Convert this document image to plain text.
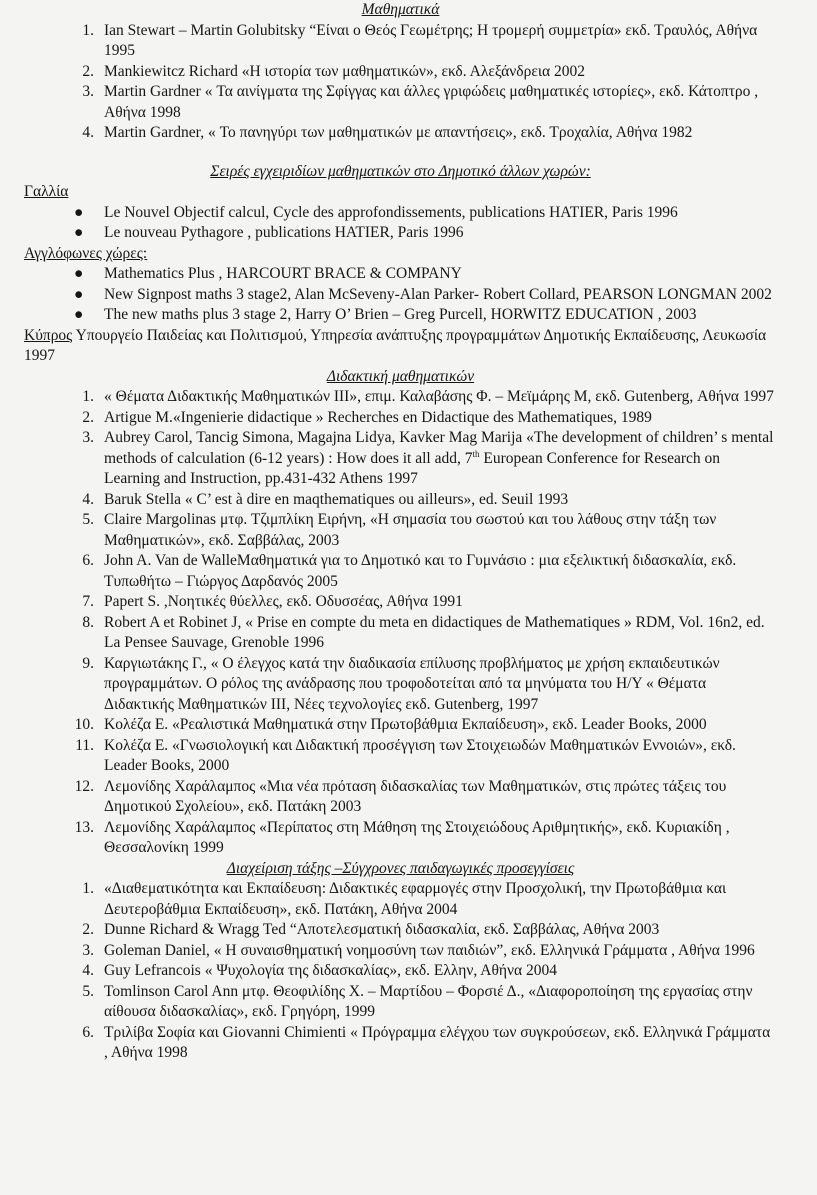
Μαθηματικά

1. Ian Stewart – Martin Golubitsky “Είναι ο Θεός Γεωμέτρης; Η τρομερή συμμετρία» εκδ. Τραυλός, Αθήνα 1995
2. Mankiewitcz Richard «Η ιστορία των μαθηματικών», εκδ. Αλεξάνδρεια 2002
3. Martin Gardner « Τα αινίγματα της Σφίγγας και άλλες γριφώδεις μαθηματικές ιστορίες», εκδ. Κάτοπτρο , Αθήνα 1998
4. Martin Gardner, « Το πανηγύρι των μαθηματικών με απαντήσεις», εκδ. Τροχαλία, Αθήνα 1982

Σειρές εγχειριδίων μαθηματικών στο Δημοτικό άλλων χωρών:

Γαλλία

● Le Nouvel Objectif calcul, Cycle des approfondissements, publications HATIER, Paris 1996
● Le nouveau Pythagore , publications HATIER, Paris 1996

Αγγλόφωνες χώρες:

● Mathematics Plus , HARCOURT BRACE & COMPANY
● New Signpost maths 3 stage2, Alan McSeveny-Alan Parker- Robert Collard, PEARSON LONGMAN 2002
● The new maths plus 3 stage 2, Harry O’ Brien – Greg Purcell, HORWITZ EDUCATION , 2003

Κύπρος Υπουργείο Παιδείας και Πολιτισμού, Υπηρεσία ανάπτυξης προγραμμάτων Δημοτικής Εκπαίδευσης, Λευκωσία 1997

Διδακτική μαθηματικών

1. « Θέματα Διδακτικής Μαθηματικών ΙΙΙ», επιμ. Καλαβάσης Φ. – Μεϊμάρης Μ, εκδ. Gutenberg, Αθήνα 1997
2. Artigue M.«Ingenierie didactique » Recherches en Didactique des Mathematiques, 1989
3. Aubrey Carol, Tancig Simona, Magajna Lidya, Kavker Mag Marija «The development of children’ s mental methods of calculation (6-12 years) : How does it all add, 7th European Conference for Research on Learning and Instruction, pp.431-432 Athens 1997
4. Baruk Stella « C’ est à dire en maqthematiques ou ailleurs», ed. Seuil 1993
5. Claire Margolinas μτφ. Τζιμπλίκη Ειρήνη, «Η σημασία του σωστού και του λάθους στην τάξη των Μαθηματικών», εκδ. Σαββάλας, 2003
6. John A. Van de WalleΜαθηματικά για το Δημοτικό και το Γυμνάσιο : μια εξελικτική διδασκαλία, εκδ. Τυπωθήτω – Γιώργος Δαρδανός 2005
7. Papert S. ,Νοητικές θύελλες, εκδ. Οδυσσέας, Αθήνα 1991
8. Robert A et Robinet J, « Prise en compte du meta en didactiques de Mathematiques » RDM, Vol. 16n2, ed. La Pensee Sauvage, Grenoble 1996
9. Καργιωτάκης Γ., « Ο έλεγχος κατά την διαδικασία επίλυσης προβλήματος με χρήση εκπαιδευτικών προγραμμάτων. Ο ρόλος της ανάδρασης που τροφοδοτείται από τα μηνύματα του Η/Υ « Θέματα Διδακτικής Μαθηματικών ΙΙΙ, Νέες τεχνολογίες εκδ. Gutenberg, 1997
10. Κολέζα Ε. «Ρεαλιστικά Μαθηματικά στην Πρωτοβάθμια Εκπαίδευση», εκδ. Leader Books, 2000
11. Κολέζα Ε. «Γνωσιολογική και Διδακτική προσέγγιση των Στοιχειωδών Μαθηματικών Εννοιών», εκδ. Leader Books, 2000
12. Λεμονίδης Χαράλαμπος «Μια νέα πρόταση διδασκαλίας των Μαθηματικών, στις πρώτες τάξεις του Δημοτικού Σχολείου», εκδ. Πατάκη 2003
13. Λεμονίδης Χαράλαμπος «Περίπατος στη Μάθηση της Στοιχειώδους Αριθμητικής», εκδ. Κυριακίδη , Θεσσαλονίκη 1999

Διαχείριση τάξης –Σύγχρονες παιδαγωγικές προσεγγίσεις

1. «Διαθεματικότητα και Εκπαίδευση: Διδακτικές εφαρμογές στην Προσχολική, την Πρωτοβάθμια και Δευτεροβάθμια Εκπαίδευση», εκδ. Πατάκη, Αθήνα 2004
2. Dunne Richard & Wragg Ted “Αποτελεσματική διδασκαλία, εκδ. Σαββάλας, Αθήνα 2003
3. Goleman Daniel, « Η συναισθηματική νοημοσύνη των παιδιών”, εκδ. Ελληνικά Γράμματα , Αθήνα 1996
4. Guy Lefrancois « Ψυχολογία της διδασκαλίας», εκδ. Ελλην, Αθήνα 2004
5. Tomlinson Carol Ann μτφ. Θεοφιλίδης Χ. – Μαρτίδου – Φορσιέ Δ., «Διαφοροποίηση της εργασίας στην αίθουσα διδασκαλίας», εκδ. Γρηγόρη, 1999
6. Τριλίβα Σοφία και Giovanni Chimienti « Πρόγραμμα ελέγχου των συγκρούσεων, εκδ. Ελληνικά Γράμματα , Αθήνα 1998
